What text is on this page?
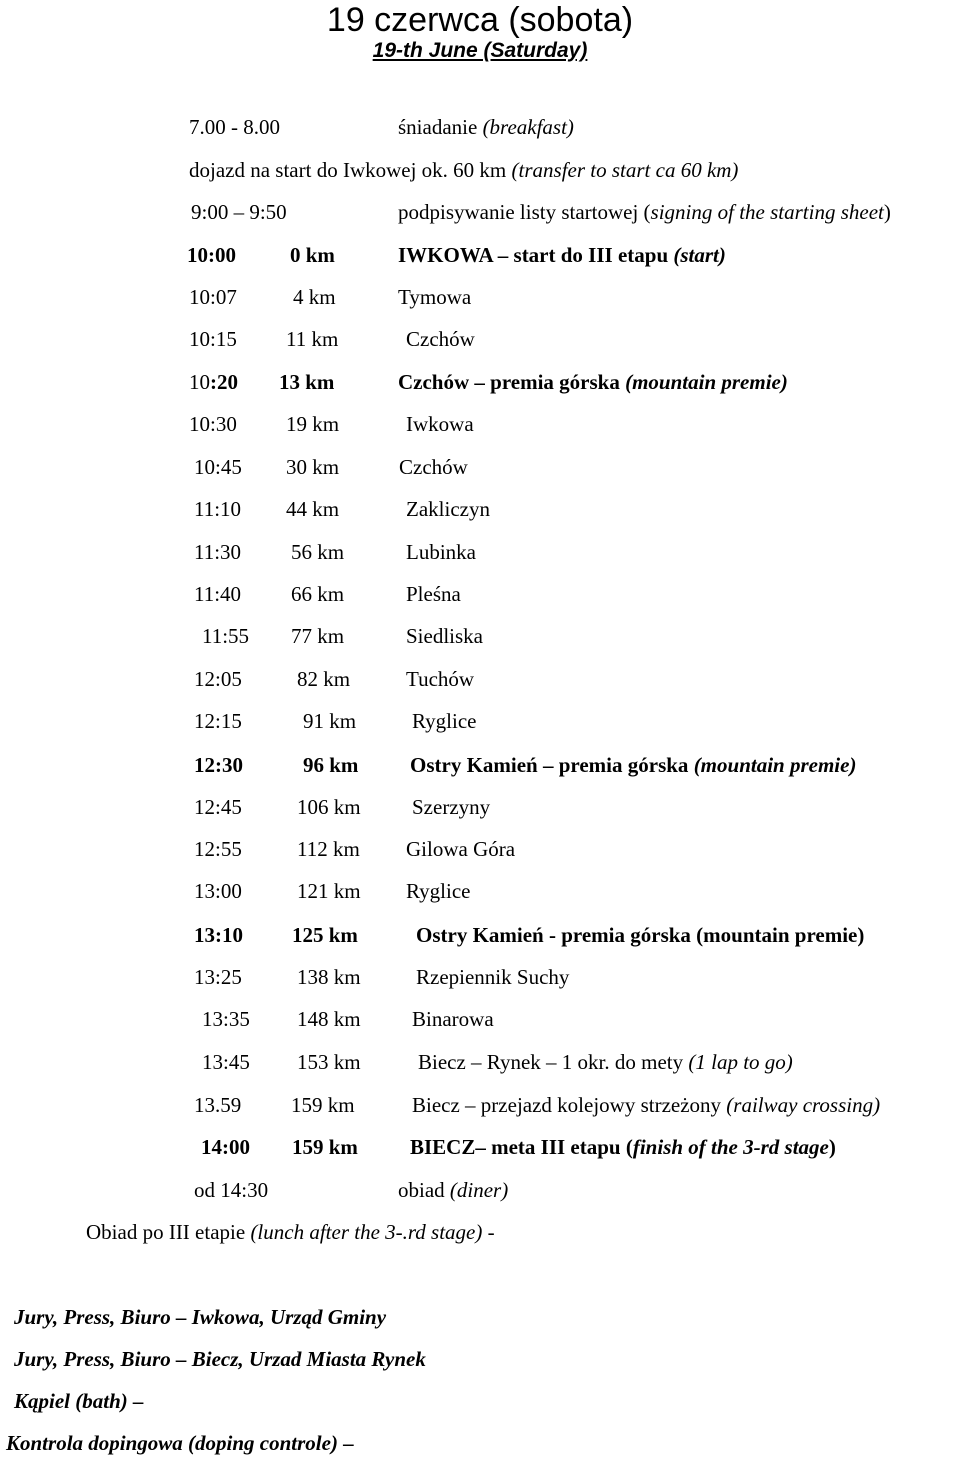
19 czerwca (sobota)
19-th June (Saturday)
7.00 - 8.00	śniadanie (breakfast)
dojazd na start do Iwkowej ok. 60 km (transfer to start ca 60 km)
9:00 – 9:50	podpisywanie listy startowej (signing of the starting sheet)
10:00	0 km	IWKOWA – start do III etapu (start)
10:07	4 km	Tymowa
10:15 11 km	Czchów
10:20 13 km	Czchów – premia górska (mountain premie)
10:30 19 km	Iwkowa
10:45 30 km	Czchów
11:10 44 km	Zakliczyn
11:30 56 km	Lubinka
11:40 66 km	Pleśna
11:55 77 km	Siedliska
12:05	82 km	Tuchów
12:15	91 km	Ryglice
12:30	96 km Ostry Kamień – premia górska (mountain premie)
12:45	106 km Szerzyny
12:55	112 km Gilowa Góra
13:00	121 km Ryglice
13:10 125 km	Ostry Kamień - premia górska (mountain premie)
13:25	138 km	Rzepiennik Suchy
13:35 148 km Binarowa
13:45 153 km	Biecz – Rynek – 1 okr. do mety (1 lap to go)
13.59 159 km	Biecz – przejazd kolejowy strzeżony (railway crossing)
14:00 159 km BIECZ– meta III etapu (finish of the 3-rd stage)
od 14:30	obiad (diner)
Obiad po III etapie (lunch after the 3-.rd stage) -
Jury, Press, Biuro – Iwkowa, Urząd Gminy
Jury, Press, Biuro – Biecz, Urzad Miasta Rynek
Kąpiel (bath) –
Kontrola dopingowa (doping controle) –
